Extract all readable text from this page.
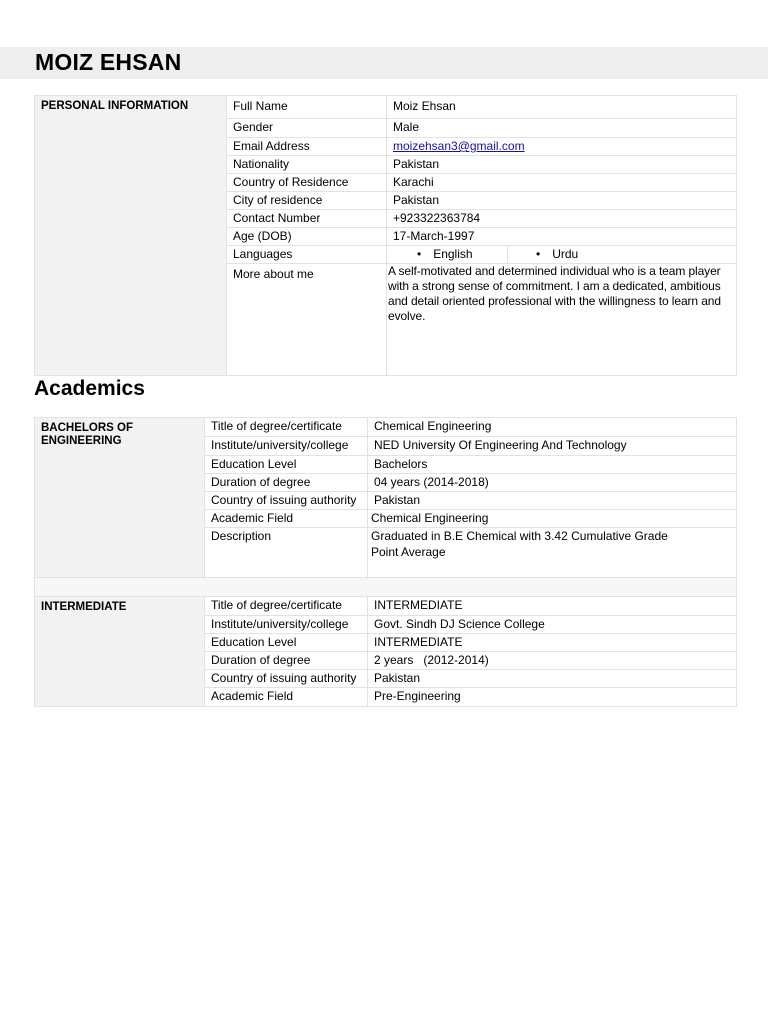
MOIZ EHSAN
PERSONAL INFORMATION	Full Name	Moiz Ehsan	
	Gender	Male	
	Email Address	moizehsan3@gmail.com	
	Nationality	Pakistan	
	Country of Residence	Karachi	
	City of residence	Pakistan	
	Contact Number	+923322363784	
	Age (DOB)	17-March-1997	
	Languages	• English	• Urdu
	More about me	A self-motivated and determined individual who is a team player with a strong sense of commitment. I am a dedicated, ambitious and detail oriented professional with the willingness to learn and evolve.	
Academics
BACHELORS OF ENGINEERING	Title of degree/certificate	Chemical Engineering
	Institute/university/college	NED University Of Engineering And Technology
	Education Level	Bachelors
	Duration of degree	04 years (2014-2018)
	Country of issuing authority	Pakistan
	Academic Field	Chemical Engineering
	Description	Graduated in B.E Chemical with 3.42 Cumulative Grade Point Average

INTERMEDIATE	Title of degree/certificate	INTERMEDIATE
	Institute/university/college	Govt. Sindh DJ Science College
	Education Level	INTERMEDIATE
	Duration of degree	2 years   (2012-2014)
	Country of issuing authority	Pakistan
	Academic Field	Pre-Engineering
